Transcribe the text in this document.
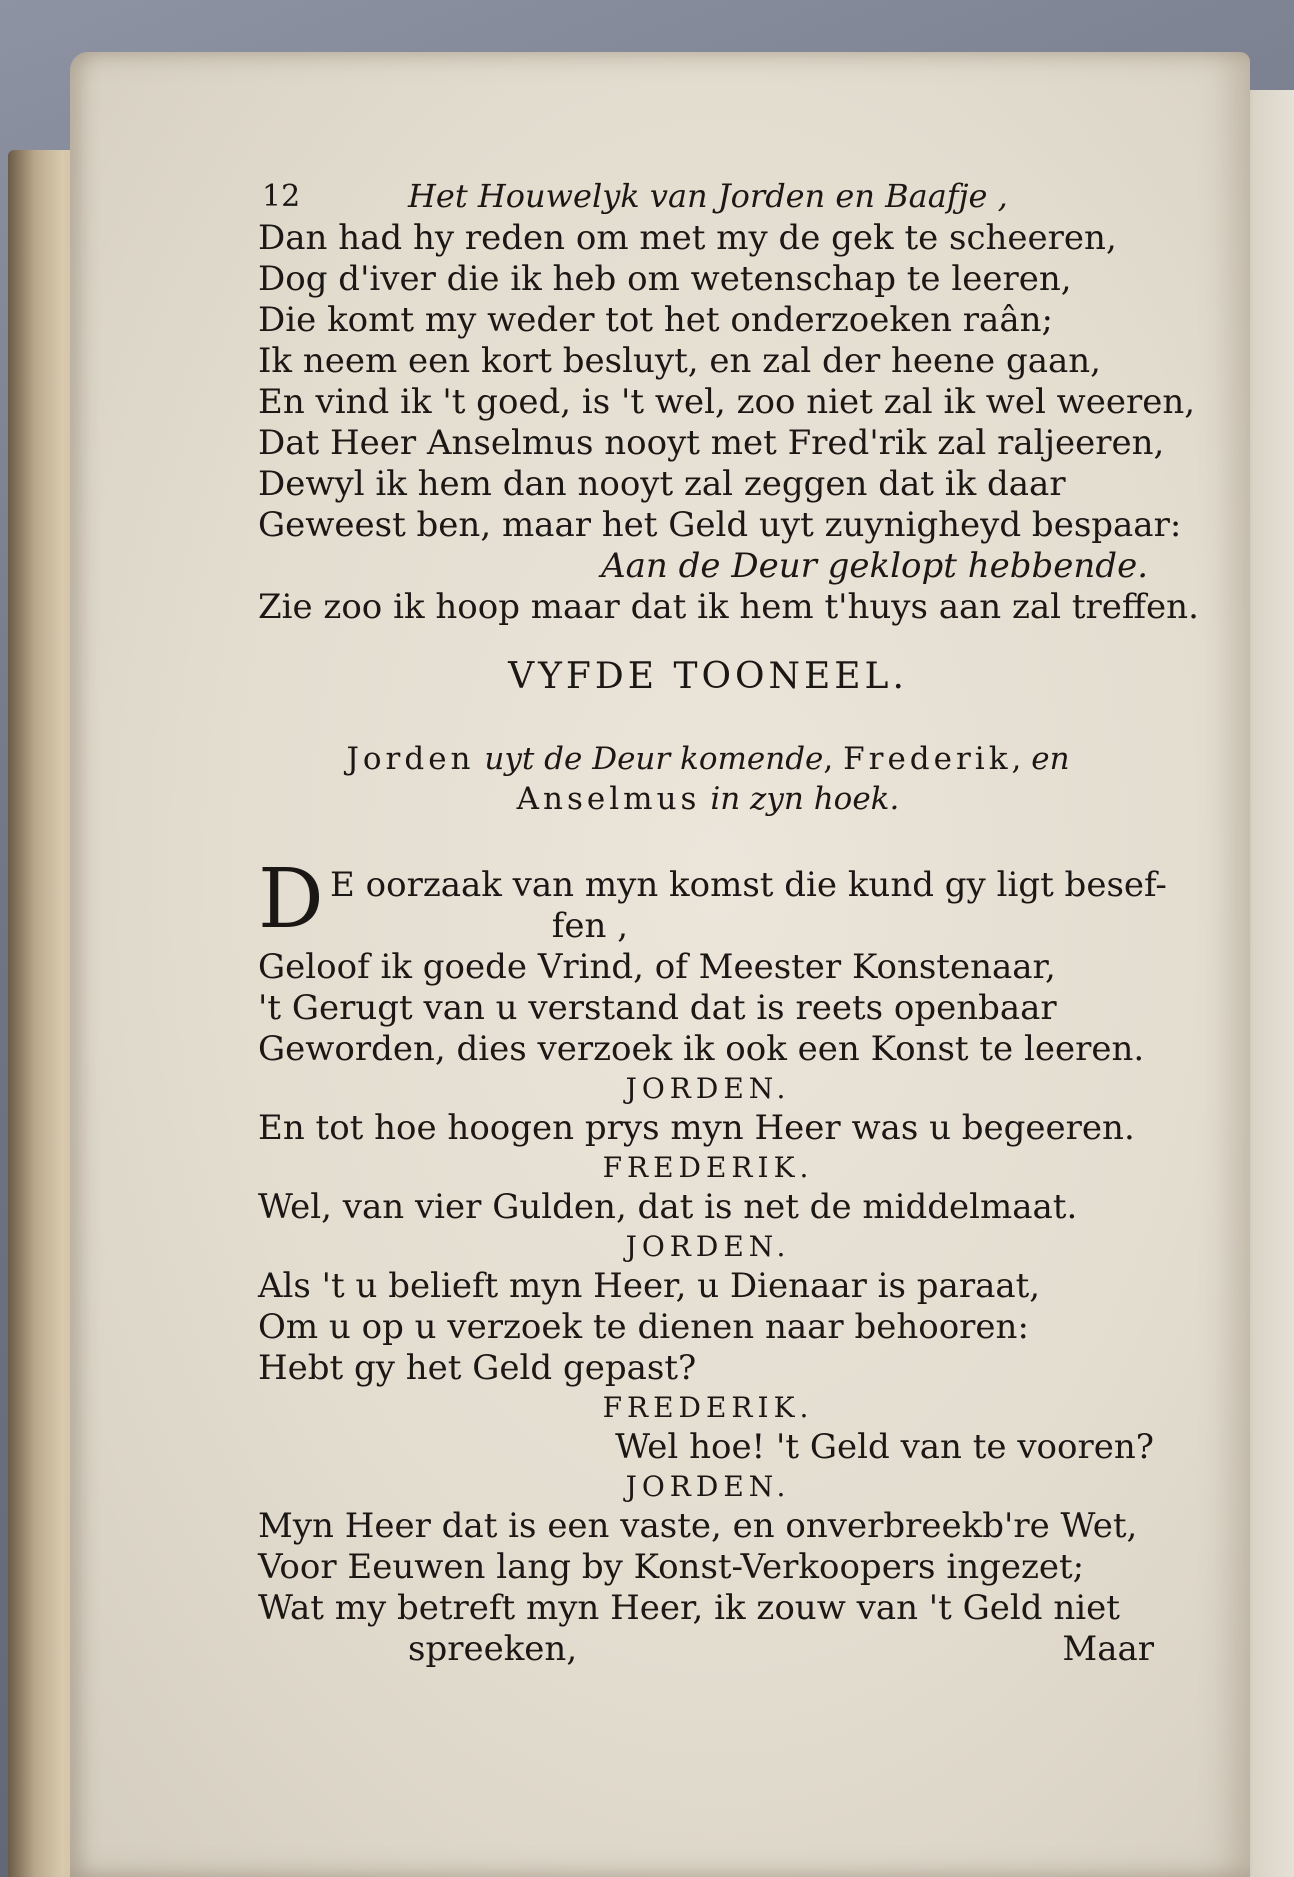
12	Het Houwelyk van Jorden en Baafje ,
Dan had hy reden om met my de gek te scheeren,
Dog d'iver die ik heb om wetenschap te leeren,
Die komt my weder tot het onderzoeken raân;
Ik neem een kort besluyt, en zal der heene gaan,
En vind ik 't goed, is 't wel, zoo niet zal ik wel weeren,
Dat Heer Anselmus nooyt met Fred'rik zal raljeeren,
Dewyl ik hem dan nooyt zal zeggen dat ik daar
Geweest ben, maar het Geld uyt zuynigheyd bespaar:
Aan de Deur geklopt hebbende.
Zie zoo ik hoop maar dat ik hem t'huys aan zal treffen.
VYFDE TOONEEL.
Jorden uyt de Deur komende, Frederik, en
Anselmus in zyn hoek.
D E oorzaak van myn komst die kund gy ligt besef-
fen ,
Geloof ik goede Vrind, of Meester Konstenaar,
't Gerugt van u verstand dat is reets openbaar
Geworden, dies verzoek ik ook een Konst te leeren.
JORDEN.
En tot hoe hoogen prys myn Heer was u begeeren.
FREDERIK.
Wel, van vier Gulden, dat is net de middelmaat.
JORDEN.
Als 't u belieft myn Heer, u Dienaar is paraat,
Om u op u verzoek te dienen naar behooren:
Hebt gy het Geld gepast?
FREDERIK.
Wel hoe! 't Geld van te vooren?
JORDEN.
Myn Heer dat is een vaste, en onverbreekb're Wet,
Voor Eeuwen lang by Konst-Verkoopers ingezet;
Wat my betreft myn Heer, ik zouw van 't Geld niet
spreeken,	Maar
